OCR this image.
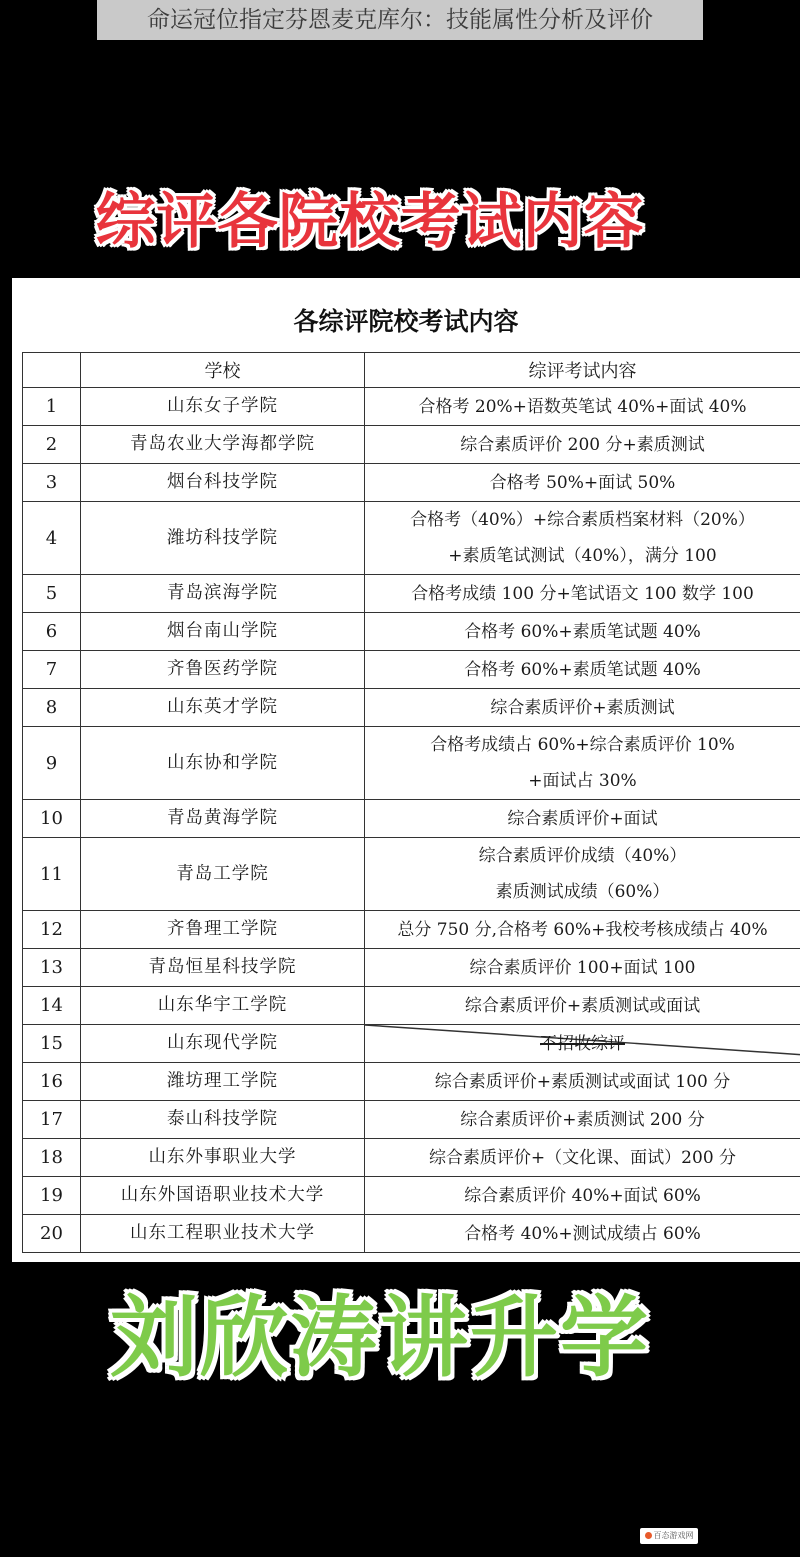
命运冠位指定芬恩麦克库尔：技能属性分析及评价
综评各院校考试内容
各综评院校考试内容
	学校	综评考试内容
1	山东女子学院	合格考 20%+语数英笔试 40%+面试 40%

2	青岛农业大学海都学院	综合素质评价 200 分+素质测试

3	烟台科技学院	合格考 50%+面试 50%

4	潍坊科技学院	合格考（40%）+综合素质档案材料（20%）
+素质笔试测试（40%），满分 100

5	青岛滨海学院	合格考成绩 100 分+笔试语文 100 数学 100

6	烟台南山学院	合格考 60%+素质笔试题 40%

7	齐鲁医药学院	合格考 60%+素质笔试题 40%

8	山东英才学院	综合素质评价+素质测试

9	山东协和学院	合格考成绩占 60%+综合素质评价 10%
+面试占 30%

10	青岛黄海学院	综合素质评价+面试

11	青岛工学院	综合素质评价成绩（40%）
素质测试成绩（60%）

12	齐鲁理工学院	总分 750 分,合格考 60%+我校考核成绩占 40%

13	青岛恒星科技学院	综合素质评价 100+面试 100

14	山东华宇工学院	综合素质评价+素质测试或面试

15	山东现代学院	不招收综评

16	潍坊理工学院	综合素质评价+素质测试或面试 100 分

17	泰山科技学院	综合素质评价+素质测试 200 分

18	山东外事职业大学	综合素质评价+（文化课、面试）200 分

19	山东外国语职业技术大学	综合素质评价 40%+面试 60%

20	山东工程职业技术大学	合格考 40%+测试成绩占 60%
刘欣涛讲升学
百态游戏网
